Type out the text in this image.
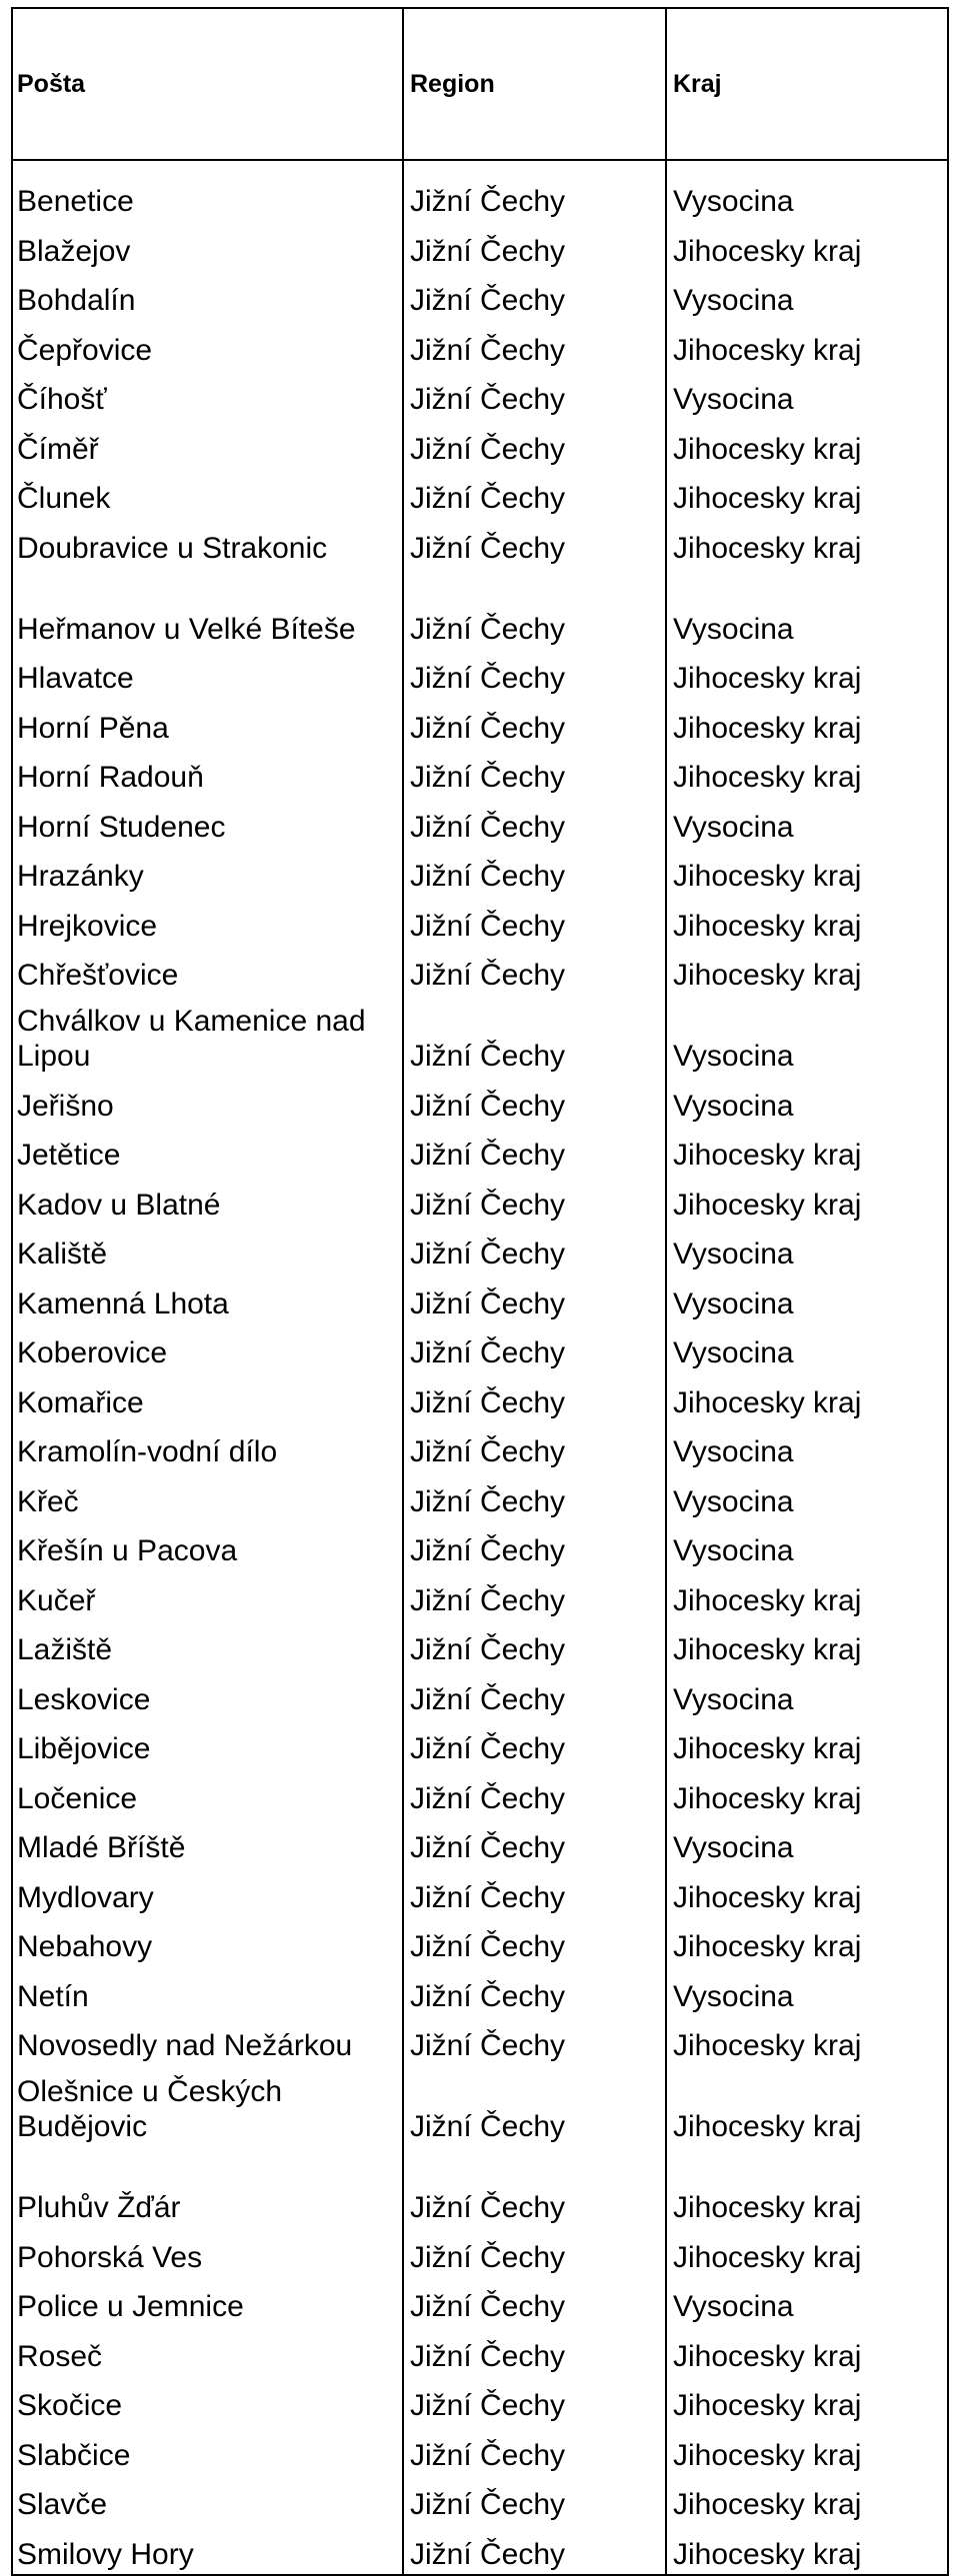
Pošta	Region	Kraj
Benetice	Jižní Čechy	Vysocina
Blažejov	Jižní Čechy	Jihocesky kraj
Bohdalín	Jižní Čechy	Vysocina
Čepřovice	Jižní Čechy	Jihocesky kraj
Číhošť	Jižní Čechy	Vysocina
Číměř	Jižní Čechy	Jihocesky kraj
Člunek	Jižní Čechy	Jihocesky kraj
Doubravice u Strakonic	Jižní Čechy	Jihocesky kraj
Heřmanov u Velké Bíteše	Jižní Čechy	Vysocina
Hlavatce	Jižní Čechy	Jihocesky kraj
Horní Pěna	Jižní Čechy	Jihocesky kraj
Horní Radouň	Jižní Čechy	Jihocesky kraj
Horní Studenec	Jižní Čechy	Vysocina
Hrazánky	Jižní Čechy	Jihocesky kraj
Hrejkovice	Jižní Čechy	Jihocesky kraj
Chřešťovice	Jižní Čechy	Jihocesky kraj
Chválkov u Kamenice nad Lipou	Jižní Čechy	Vysocina
Jeřišno	Jižní Čechy	Vysocina
Jetětice	Jižní Čechy	Jihocesky kraj
Kadov u Blatné	Jižní Čechy	Jihocesky kraj
Kaliště	Jižní Čechy	Vysocina
Kamenná Lhota	Jižní Čechy	Vysocina
Koberovice	Jižní Čechy	Vysocina
Komařice	Jižní Čechy	Jihocesky kraj
Kramolín-vodní dílo	Jižní Čechy	Vysocina
Křeč	Jižní Čechy	Vysocina
Křešín u Pacova	Jižní Čechy	Vysocina
Kučeř	Jižní Čechy	Jihocesky kraj
Lažiště	Jižní Čechy	Jihocesky kraj
Leskovice	Jižní Čechy	Vysocina
Libějovice	Jižní Čechy	Jihocesky kraj
Ločenice	Jižní Čechy	Jihocesky kraj
Mladé Bříště	Jižní Čechy	Vysocina
Mydlovary	Jižní Čechy	Jihocesky kraj
Nebahovy	Jižní Čechy	Jihocesky kraj
Netín	Jižní Čechy	Vysocina
Novosedly nad Nežárkou	Jižní Čechy	Jihocesky kraj
Olešnice u Českých Budějovic	Jižní Čechy	Jihocesky kraj
Pluhův Žďár	Jižní Čechy	Jihocesky kraj
Pohorská Ves	Jižní Čechy	Jihocesky kraj
Police u Jemnice	Jižní Čechy	Vysocina
Roseč	Jižní Čechy	Jihocesky kraj
Skočice	Jižní Čechy	Jihocesky kraj
Slabčice	Jižní Čechy	Jihocesky kraj
Slavče	Jižní Čechy	Jihocesky kraj
Smilovy Hory	Jižní Čechy	Jihocesky kraj
